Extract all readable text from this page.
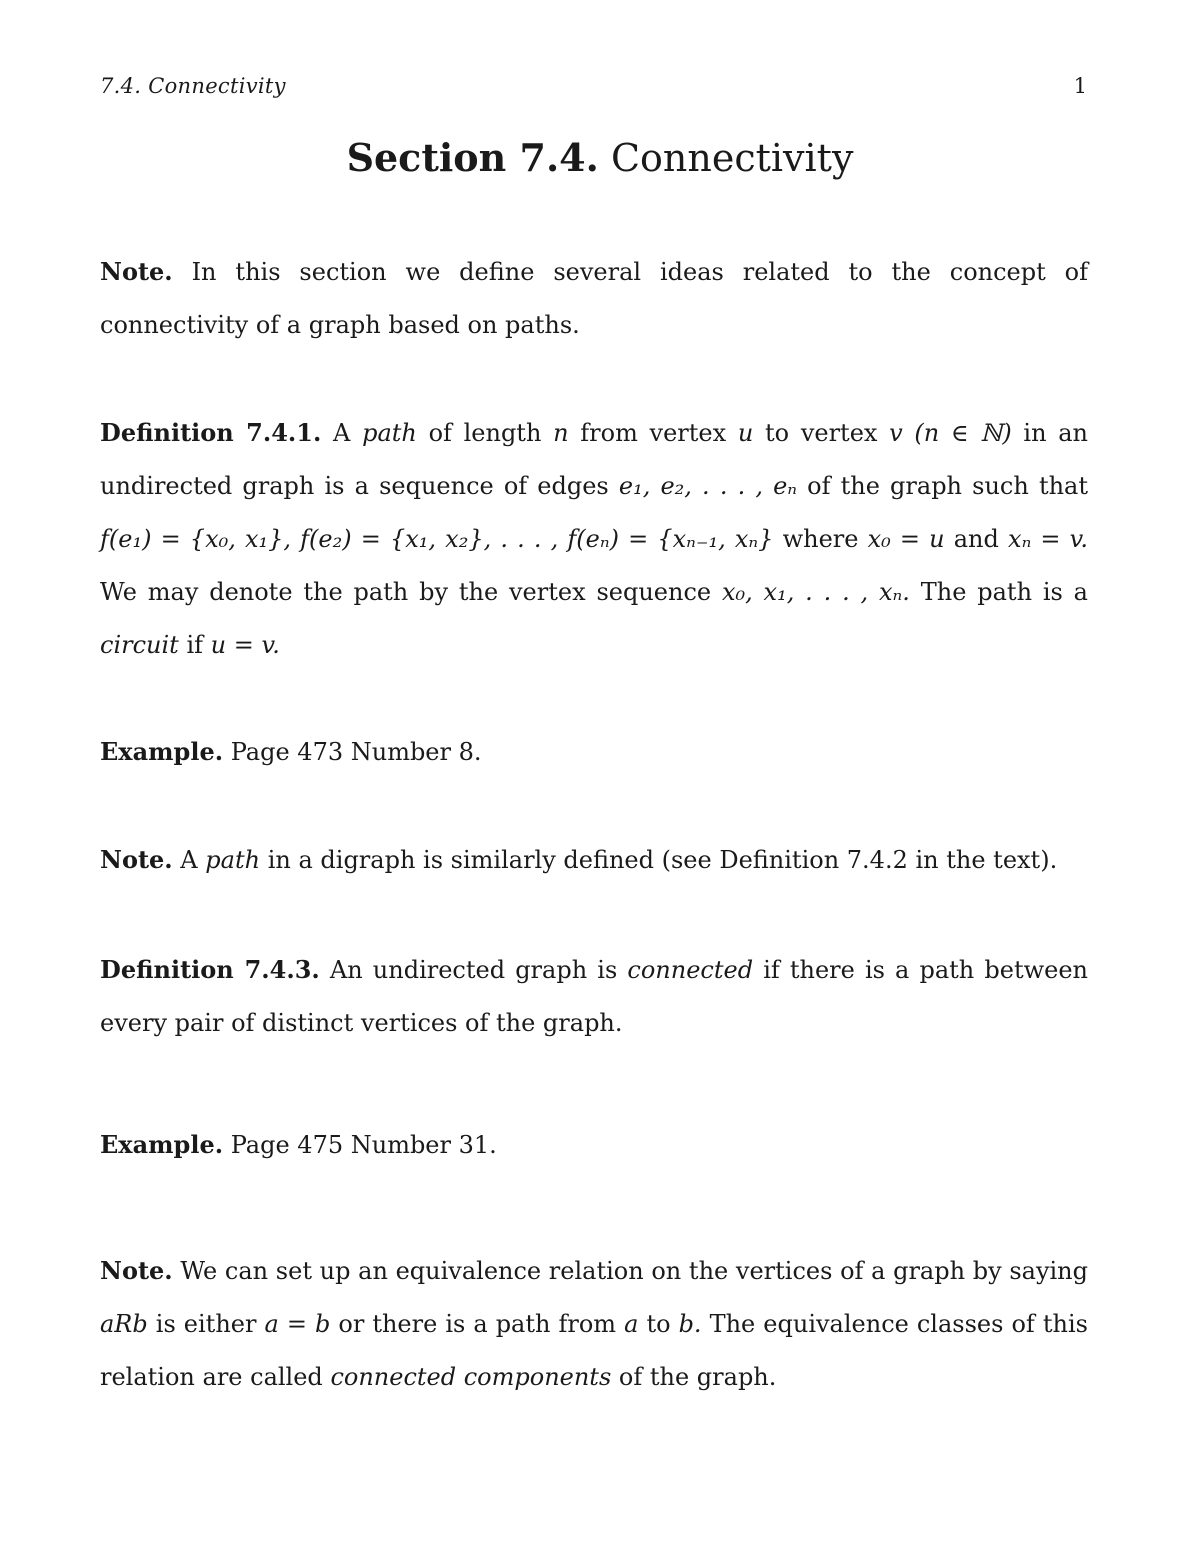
7.4. Connectivity	1
Section 7.4. Connectivity
Note. In this section we define several ideas related to the concept of connectivity of a graph based on paths.
Definition 7.4.1. A path of length n from vertex u to vertex v (n ∈ ℕ) in an undirected graph is a sequence of edges e₁, e₂, . . . , eₙ of the graph such that f(e₁) = {x₀, x₁}, f(e₂) = {x₁, x₂}, . . . , f(eₙ) = {xₙ₋₁, xₙ} where x₀ = u and xₙ = v. We may denote the path by the vertex sequence x₀, x₁, . . . , xₙ. The path is a circuit if u = v.
Example. Page 473 Number 8.
Note. A path in a digraph is similarly defined (see Definition 7.4.2 in the text).
Definition 7.4.3. An undirected graph is connected if there is a path between every pair of distinct vertices of the graph.
Example. Page 475 Number 31.
Note. We can set up an equivalence relation on the vertices of a graph by saying aRb is either a = b or there is a path from a to b. The equivalence classes of this relation are called connected components of the graph.
